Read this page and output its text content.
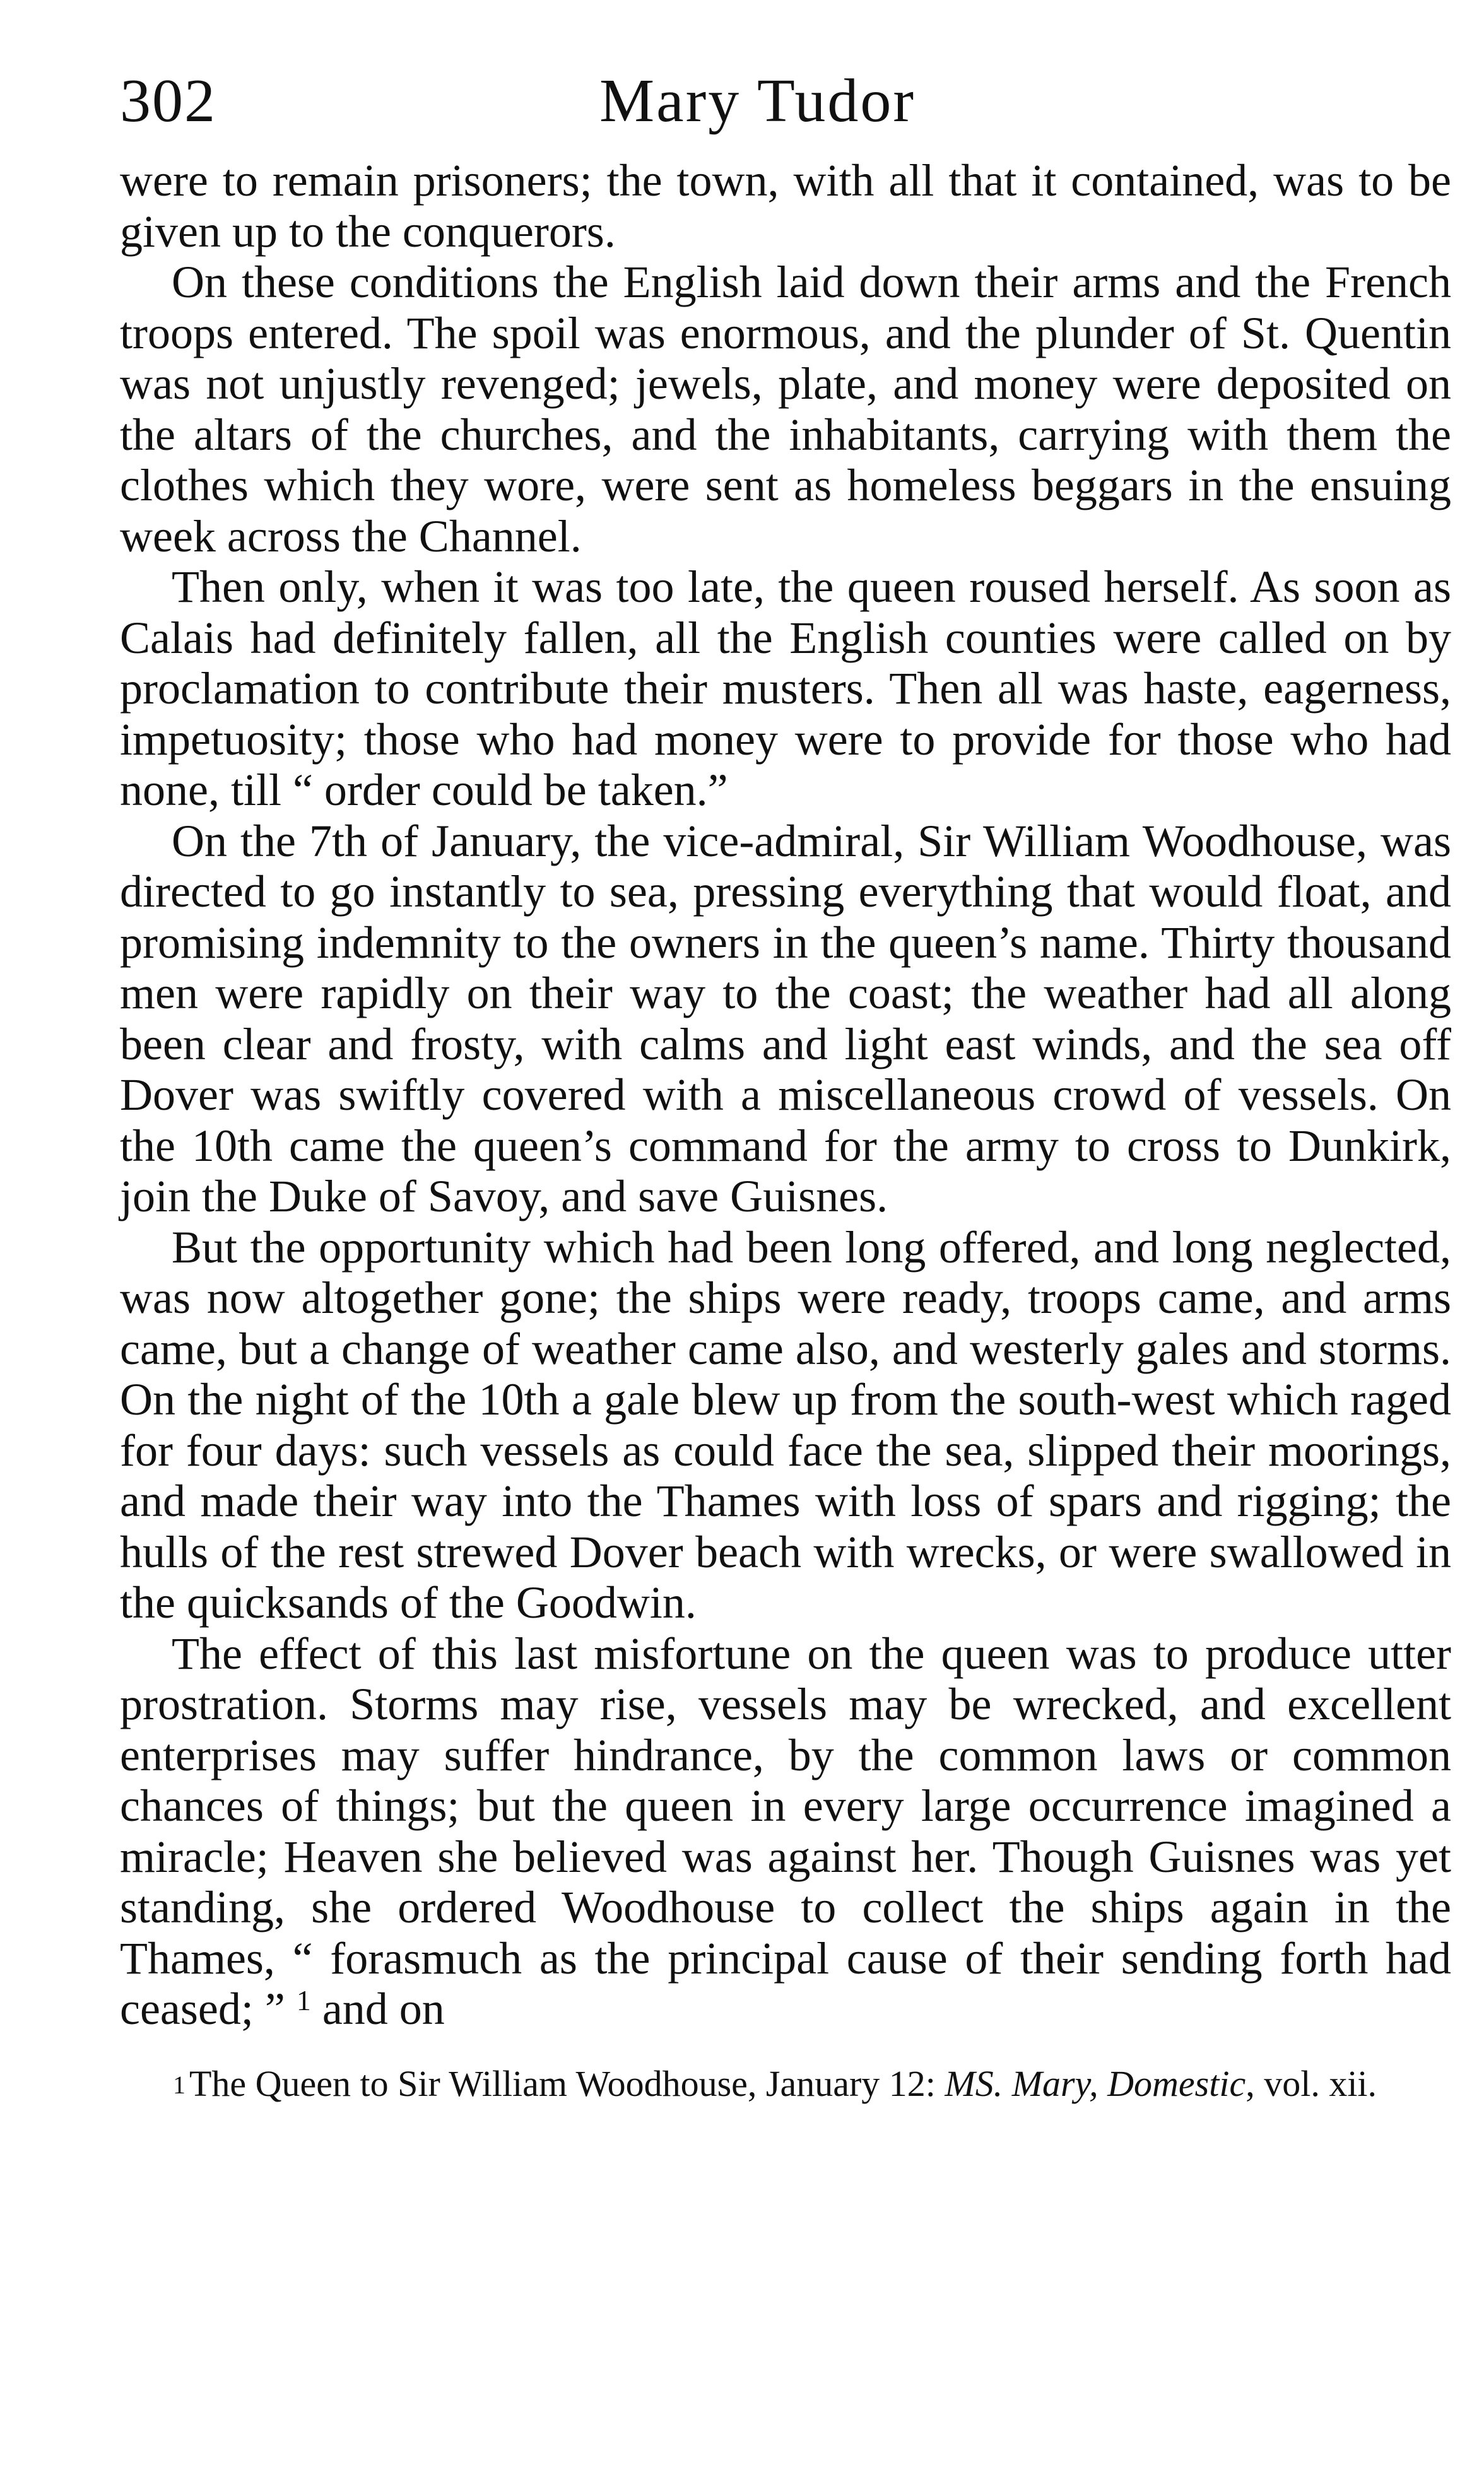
302	Mary Tudor

were to remain prisoners; the town, with all that it contained, was to be given up to the conquerors.

On these conditions the English laid down their arms and the French troops entered. The spoil was enormous, and the plunder of St. Quentin was not unjustly revenged; jewels, plate, and money were deposited on the altars of the churches, and the inhabitants, carrying with them the clothes which they wore, were sent as homeless beggars in the ensuing week across the Channel.

Then only, when it was too late, the queen roused herself. As soon as Calais had definitely fallen, all the English counties were called on by proclamation to contribute their musters. Then all was haste, eagerness, impetuosity; those who had money were to provide for those who had none, till “ order could be taken.”

On the 7th of January, the vice-admiral, Sir William Woodhouse, was directed to go instantly to sea, pressing everything that would float, and promising indemnity to the owners in the queen’s name. Thirty thousand men were rapidly on their way to the coast; the weather had all along been clear and frosty, with calms and light east winds, and the sea off Dover was swiftly covered with a miscellaneous crowd of vessels. On the 10th came the queen’s command for the army to cross to Dunkirk, join the Duke of Savoy, and save Guisnes.

But the opportunity which had been long offered, and long neglected, was now altogether gone; the ships were ready, troops came, and arms came, but a change of weather came also, and westerly gales and storms. On the night of the 10th a gale blew up from the south-west which raged for four days: such vessels as could face the sea, slipped their moorings, and made their way into the Thames with loss of spars and rigging; the hulls of the rest strewed Dover beach with wrecks, or were swallowed in the quicksands of the Goodwin.

The effect of this last misfortune on the queen was to produce utter prostration. Storms may rise, vessels may be wrecked, and excellent enterprises may suffer hindrance, by the common laws or common chances of things; but the queen in every large occurrence imagined a miracle; Heaven she believed was against her. Though Guisnes was yet standing, she ordered Woodhouse to collect the ships again in the Thames, “ forasmuch as the principal cause of their sending forth had ceased; ” $^1$ and on

$^1$ The Queen to Sir William Woodhouse, January 12: MS. Mary, Domestic, vol. xii.
